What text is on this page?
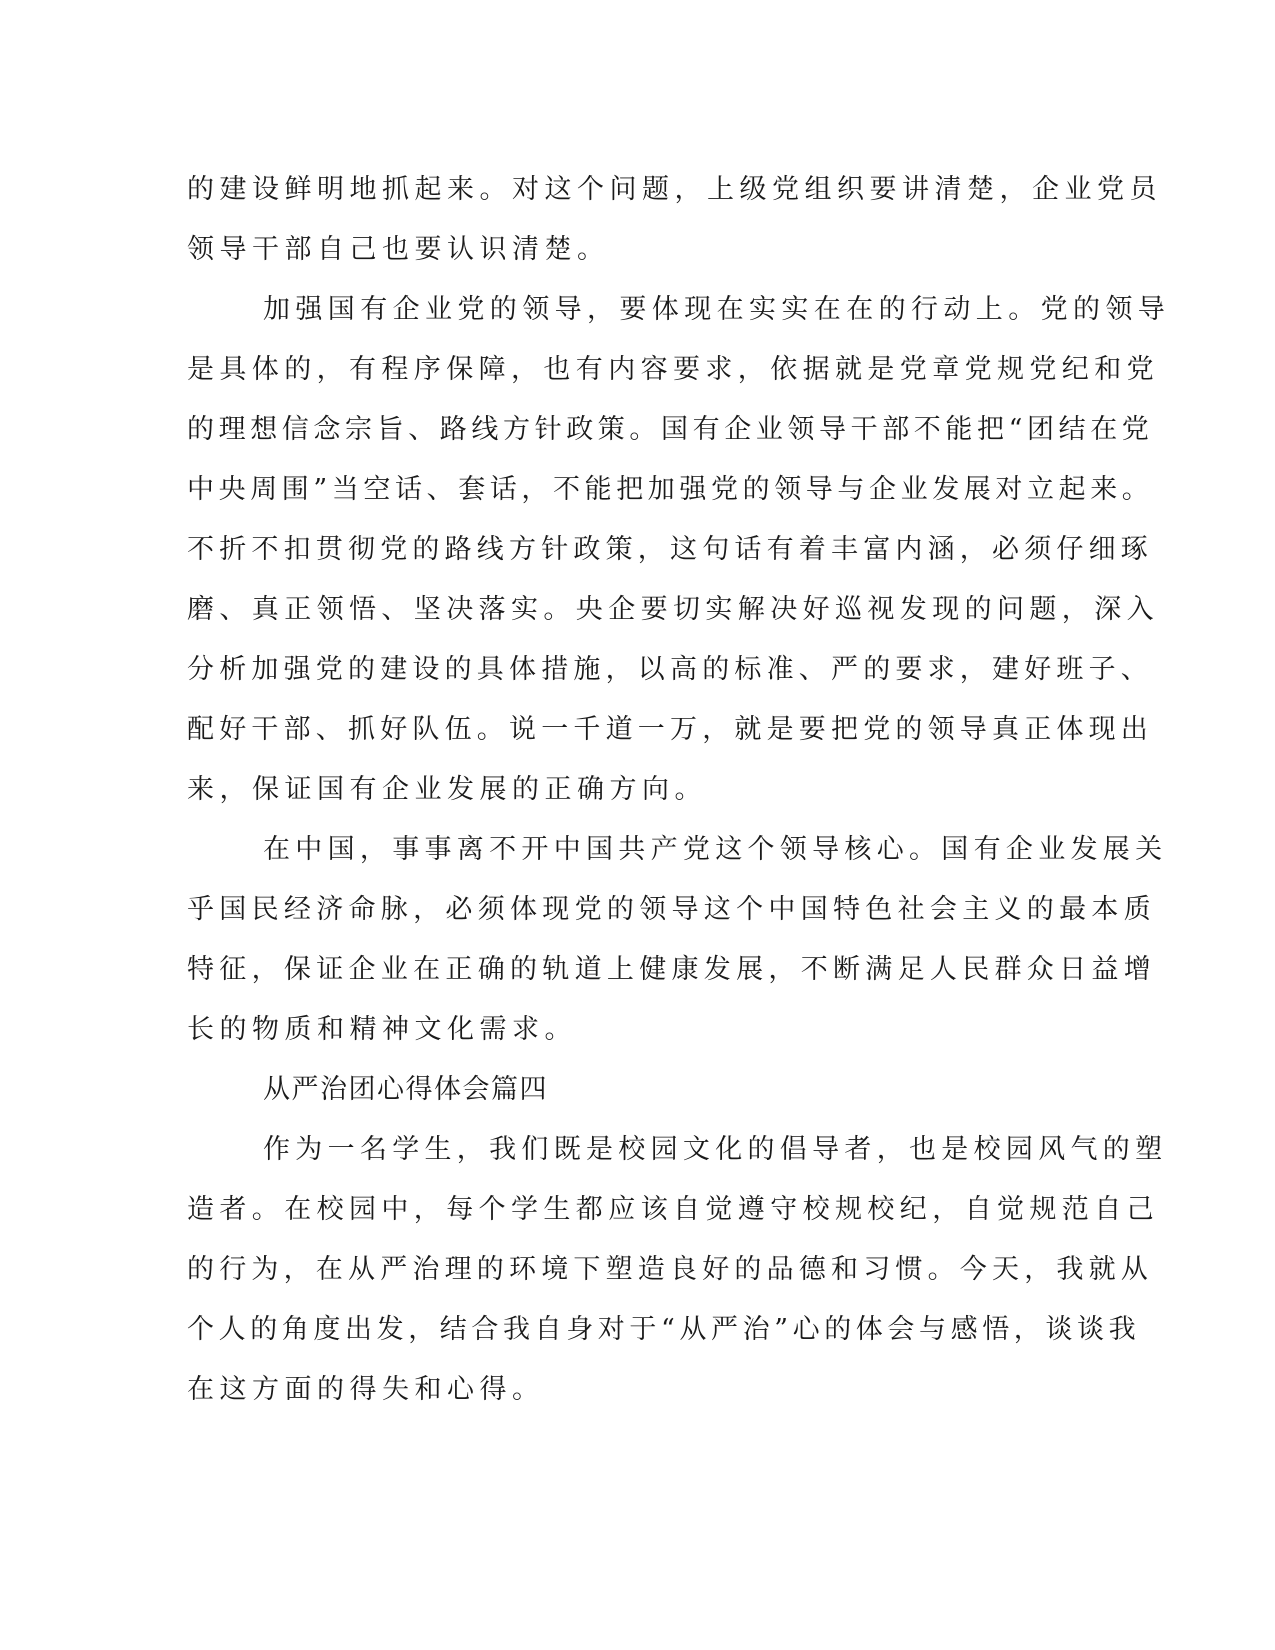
的建设鲜明地抓起来。对这个问题，上级党组织要讲清楚，企业党员
领导干部自己也要认识清楚。
加强国有企业党的领导，要体现在实实在在的行动上。党的领导
是具体的，有程序保障，也有内容要求，依据就是党章党规党纪和党
的理想信念宗旨、路线方针政策。国有企业领导干部不能把“团结在党
中央周围”当空话、套话，不能把加强党的领导与企业发展对立起来。
不折不扣贯彻党的路线方针政策，这句话有着丰富内涵，必须仔细琢
磨、真正领悟、坚决落实。央企要切实解决好巡视发现的问题，深入
分析加强党的建设的具体措施，以高的标准、严的要求，建好班子、
配好干部、抓好队伍。说一千道一万，就是要把党的领导真正体现出
来，保证国有企业发展的正确方向。
在中国，事事离不开中国共产党这个领导核心。国有企业发展关
乎国民经济命脉，必须体现党的领导这个中国特色社会主义的最本质
特征，保证企业在正确的轨道上健康发展，不断满足人民群众日益增
长的物质和精神文化需求。
从严治团心得体会篇四
作为一名学生，我们既是校园文化的倡导者，也是校园风气的塑
造者。在校园中，每个学生都应该自觉遵守校规校纪，自觉规范自己
的行为，在从严治理的环境下塑造良好的品德和习惯。今天，我就从
个人的角度出发，结合我自身对于“从严治”心的体会与感悟，谈谈我
在这方面的得失和心得。
